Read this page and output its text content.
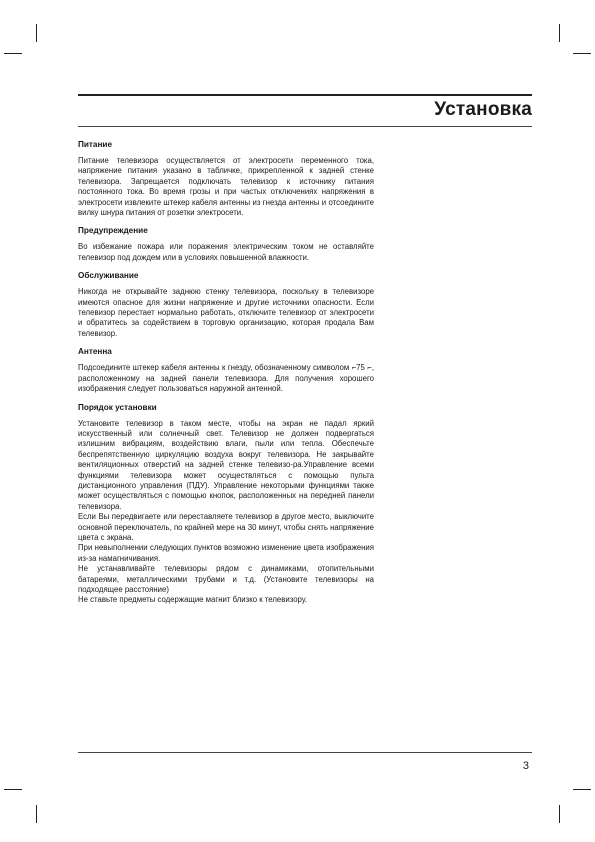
Установка
Питание

Питание телевизора осуществляется от электросети переменного тока, напряжение питания указано в табличке, прикрепленной к задней стенке телевизора. Запрещается подключать телевизор к источнику питания постоянного тока. Во время грозы и при частых отключениях напряжения в электросети извлеките штекер кабеля антенны из гнезда антенны и отсоедините вилку шнура питания от розетки электросети.

Предупреждение

Во избежание пожара или поражения электрическим током не оставляйте телевизор под дождем или в условиях повышенной влажности.

Обслуживание

Никогда не открывайте заднюю стенку телевизора, поскольку в телевизоре имеются опасное для жизни напряжение и другие источники опасности. Если телевизор перестает нормально работать, отключите телевизор от электросети и обратитесь за содействием в торговую организацию, которая продала Вам телевизор.

Антенна

Подсоедините штекер кабеля антенны к гнезду, обозначенному символом ⌐75 ⌐, расположенному на задней панели телевизора. Для получения хорошего изображения следует пользоваться наружной антенной.

Порядок установки

Установите телевизор в таком месте, чтобы на экран не падал яркий искусственный или солнечный свет. Телевизор не должен подвергаться излишним вибрациям, воздействию влаги, пыли или тепла. Обеспечьте беспрепятственную циркуляцию воздуха вокруг телевизора. Не закрывайте вентиляционных отверстий на задней стенке телевизо-ра.Управление всеми функциями телевизора может осуществляться с помощью пульта дистанционного управления (ПДУ). Управление некоторыми функциями также может осуществляться с помощью кнопок, расположенных на передней панели телевизора.

Если Вы передвигаете или переставляете телевизор в другое место, выключите основной переключатель, по крайней мере на 30 минут, чтобы снять напряжение цвета с экрана.

При невыполнении следующих пунктов возможно изменение цвета изображения из-за намагничивания.

Не устанавливайте телевизоры рядом с динамиками, отопительными батареями, металлическими трубами и т.д. (Установите телевизоры на подходящее расстояние)

Не ставьте предметы содержащие магнит близко к телевизору.

3
